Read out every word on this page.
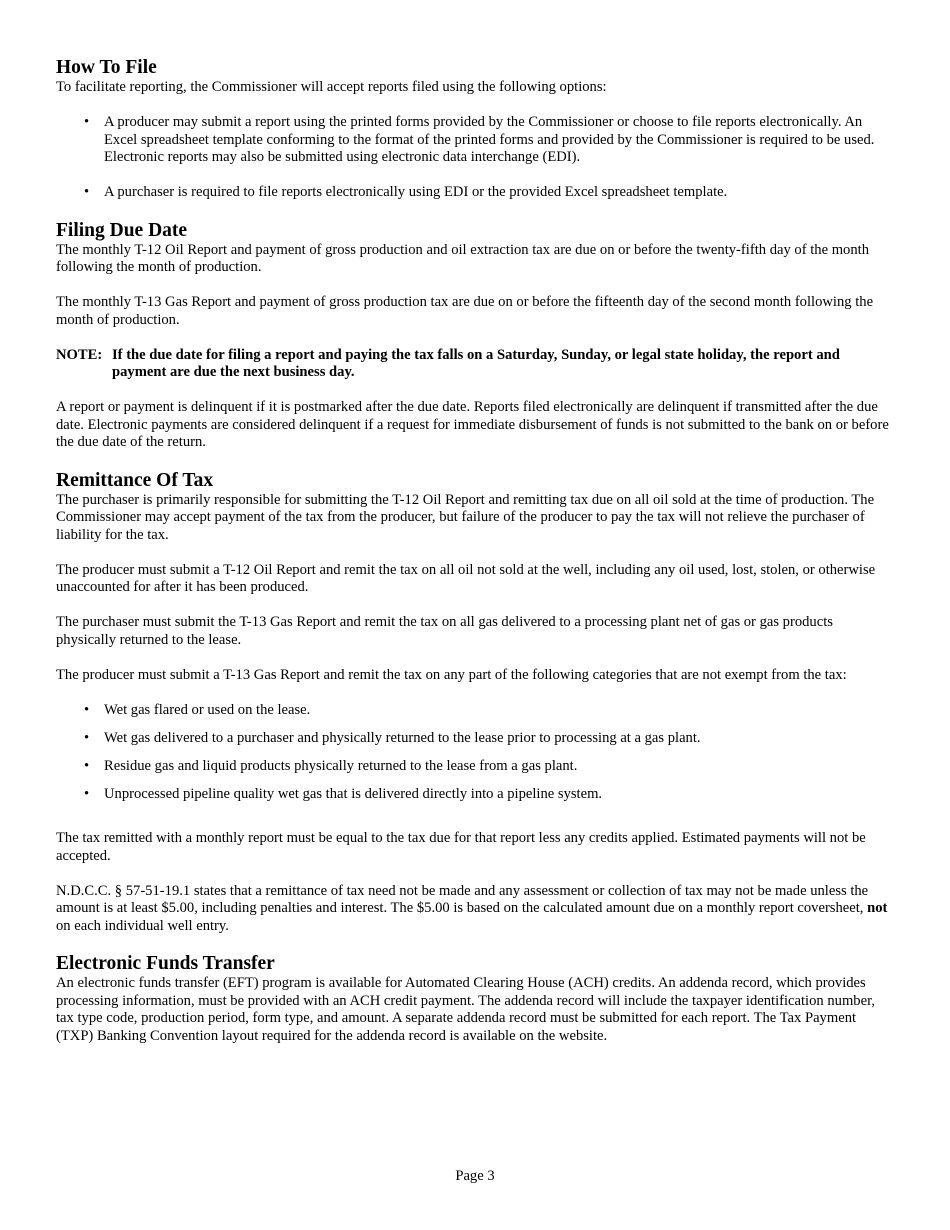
How To File

To facilitate reporting, the Commissioner will accept reports filed using the following options:

• A producer may submit a report using the printed forms provided by the Commissioner or choose to file reports electronically. An Excel spreadsheet template conforming to the format of the printed forms and provided by the Commissioner is required to be used. Electronic reports may also be submitted using electronic data interchange (EDI).
• A purchaser is required to file reports electronically using EDI or the provided Excel spreadsheet template.
Filing Due Date

The monthly T-12 Oil Report and payment of gross production and oil extraction tax are due on or before the twenty-fifth day of the month following the month of production.

The monthly T-13 Gas Report and payment of gross production tax are due on or before the fifteenth day of the second month following the month of production.

NOTE: If the due date for filing a report and paying the tax falls on a Saturday, Sunday, or legal state holiday, the report and payment are due the next business day.

A report or payment is delinquent if it is postmarked after the due date. Reports filed electronically are delinquent if transmitted after the due date. Electronic payments are considered delinquent if a request for immediate disbursement of funds is not submitted to the bank on or before the due date of the return.

Remittance Of Tax

The purchaser is primarily responsible for submitting the T-12 Oil Report and remitting tax due on all oil sold at the time of production. The Commissioner may accept payment of the tax from the producer, but failure of the producer to pay the tax will not relieve the purchaser of liability for the tax.

The producer must submit a T-12 Oil Report and remit the tax on all oil not sold at the well, including any oil used, lost, stolen, or otherwise unaccounted for after it has been produced.

The purchaser must submit the T-13 Gas Report and remit the tax on all gas delivered to a processing plant net of gas or gas products physically returned to the lease.

The producer must submit a T-13 Gas Report and remit the tax on any part of the following categories that are not exempt from the tax:

• Wet gas flared or used on the lease.
• Wet gas delivered to a purchaser and physically returned to the lease prior to processing at a gas plant.
• Residue gas and liquid products physically returned to the lease from a gas plant.
• Unprocessed pipeline quality wet gas that is delivered directly into a pipeline system.

The tax remitted with a monthly report must be equal to the tax due for that report less any credits applied. Estimated payments will not be accepted.

N.D.C.C. § 57-51-19.1 states that a remittance of tax need not be made and any assessment or collection of tax may not be made unless the amount is at least $5.00, including penalties and interest. The $5.00 is based on the calculated amount due on a monthly report coversheet, not on each individual well entry.

Electronic Funds Transfer

An electronic funds transfer (EFT) program is available for Automated Clearing House (ACH) credits. An addenda record, which provides processing information, must be provided with an ACH credit payment. The addenda record will include the taxpayer identification number, tax type code, production period, form type, and amount. A separate addenda record must be submitted for each report. The Tax Payment (TXP) Banking Convention layout required for the addenda record is available on the website.

Page 3
